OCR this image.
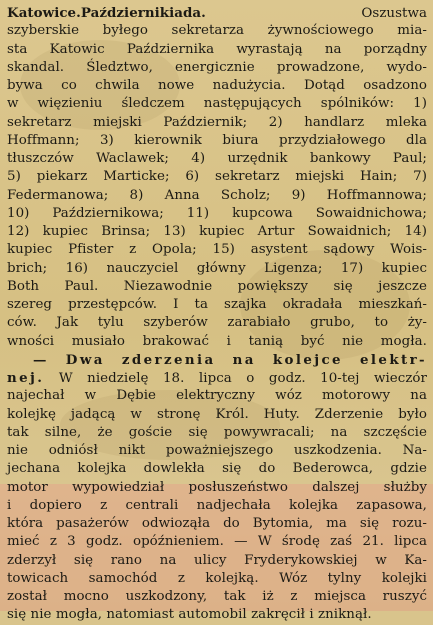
Katowice.Październikiada. Oszustwa
szyberskie byłego sekretarza żywnościowego mia-
sta Katowic Października wyrastają na porządny
skandal. Śledztwo, energicznie prowadzone, wydo-
bywa co chwila nowe nadużycia. Dotąd osadzono
w więzieniu śledczem następujących spólników: 1)
sekretarz miejski Październik; 2) handlarz mleka
Hoffmann; 3) kierownik biura przydziałowego dla
tłuszczów Waclawek; 4) urzędnik bankowy Paul;
5) piekarz Marticke; 6) sekretarz miejski Hain; 7)
Federmanowa; 8) Anna Scholz; 9) Hoffmannowa;
10) Październikowa; 11) kupcowa Sowaidnichowa;
12) kupiec Brinsa; 13) kupiec Artur Sowaidnich; 14)
kupiec Pfister z Opola; 15) asystent sądowy Wois-
brich; 16) nauczyciel główny Ligenza; 17) kupiec
Both Paul. Niezawodnie powiększy się jeszcze
szereg przestępców. I ta szajka okradała mieszkań-
ców. Jak tylu szyberów zarabiało grubo, to ży-
wności musiało brakować i tanią być nie mogła.
— Dwa zderzenia na kolejce elektr-
nej. W niedzielę 18. lipca o godz. 10-tej wieczór
najechał w Dębie elektryczny wóz motorowy na
kolejkę jadącą w stronę Król. Huty. Zderzenie było
tak silne, że goście się powywracali; na szczęście
nie odniósł nikt poważniejszego uszkodzenia. Na-
jechana kolejka dowlekła się do Bederowca, gdzie
motor wypowiedział posłuszeństwo dalszej służby
i dopiero z centrali nadjechała kolejka zapasowa,
która pasażerów odwioząła do Bytomia, ma się rozu-
mieć z 3 godz. opóźnieniem. — W środę zaś 21. lipca
zderzył się rano na ulicy Fryderykowskiej w Ka-
towicach samochód z kolejką. Wóz tylny kolejki
został mocno uszkodzony, tak iż z miejsca ruszyć
się nie mogła, natomiast automobil zakręcił i zniknął.
